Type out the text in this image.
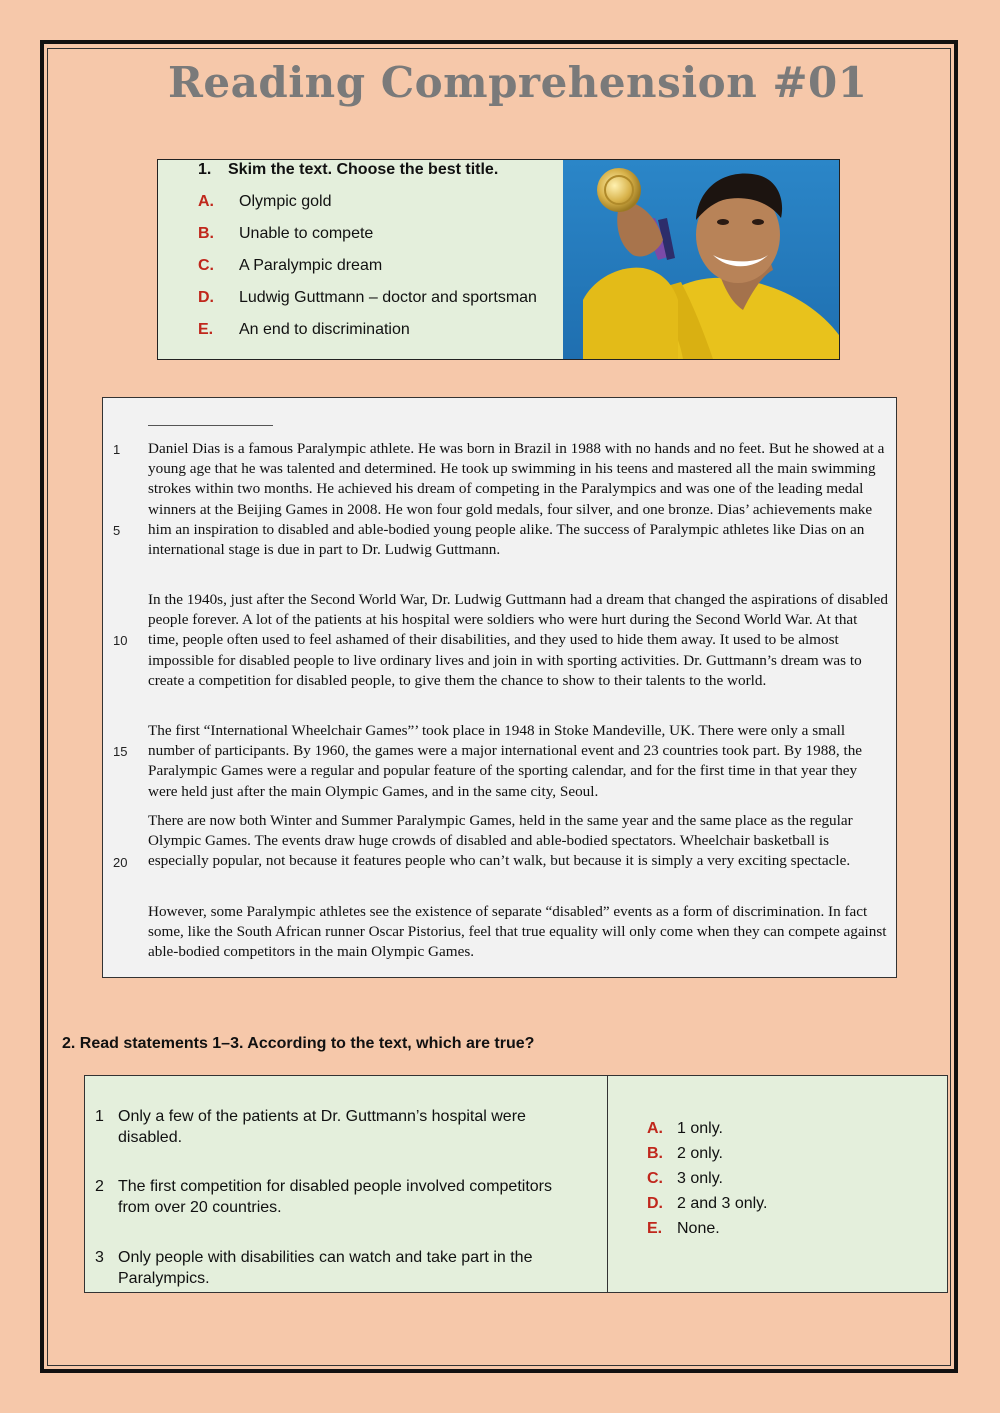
Reading Comprehension #01
1. Skim the text. Choose the best title.
A.	Olympic gold
B.	Unable to compete
C.	A Paralympic dream
D.	Ludwig Guttmann – doctor and sportsman
E.	An end to discrimination
1
5
10
15
20

Daniel Dias is a famous Paralympic athlete. He was born in Brazil in 1988 with no hands and no feet. But he showed at a young age that he was talented and determined. He took up swimming in his teens and mastered all the main swimming strokes within two months. He achieved his dream of competing in the Paralympics and was one of the leading medal winners at the Beijing Games in 2008. He won four gold medals, four silver, and one bronze. Dias’ achievements make him an inspiration to disabled and able-bodied young people alike. The success of Paralympic athletes like Dias on an international stage is due in part to Dr. Ludwig Guttmann.

In the 1940s, just after the Second World War, Dr. Ludwig Guttmann had a dream that changed the aspirations of disabled people forever. A lot of the patients at his hospital were soldiers who were hurt during the Second World War. At that time, people often used to feel ashamed of their disabilities, and they used to hide them away. It used to be almost impossible for disabled people to live ordinary lives and join in with sporting activities. Dr. Guttmann’s dream was to create a competition for disabled people, to give them the chance to show to their talents to the world.

The first “International Wheelchair Games”’ took place in 1948 in Stoke Mandeville, UK. There were only a small number of participants. By 1960, the games were a major international event and 23 countries took part. By 1988, the Paralympic Games were a regular and popular feature of the sporting calendar, and for the first time in that year they were held just after the main Olympic Games, and in the same city, Seoul.

There are now both Winter and Summer Paralympic Games, held in the same year and the same place as the regular Olympic Games. The events draw huge crowds of disabled and able-bodied spectators. Wheelchair basketball is especially popular, not because it features people who can’t walk, but because it is simply a very exciting spectacle.

However, some Paralympic athletes see the existence of separate “disabled” events as a form of discrimination. In fact some, like the South African runner Oscar Pistorius, feel that true equality will only come when they can compete against able-bodied competitors in the main Olympic Games.

2. Read statements 1–3. According to the text, which are true?

1 Only a few of the patients at Dr. Guttmann’s hospital were disabled.
2 The first competition for disabled people involved competitors from over 20 countries.
3 Only people with disabilities can watch and take part in the Paralympics.
A. 1 only.
B. 2 only.
C. 3 only.
D. 2 and 3 only.
E. None.
